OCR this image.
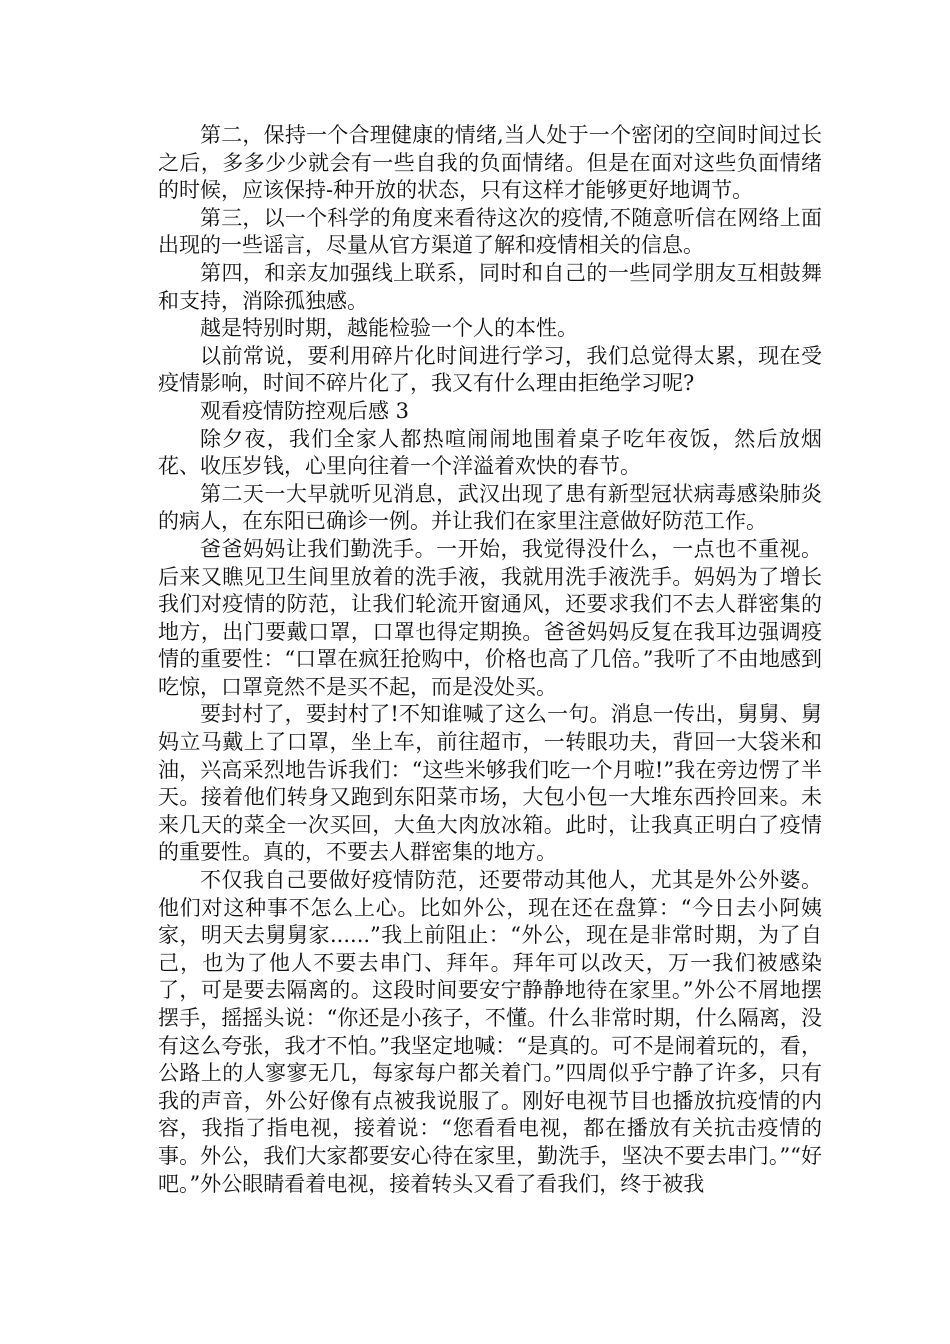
第二，保持一个合理健康的情绪,当人处于一个密闭的空间时间过长之后，多多少少就会有一些自我的负面情绪。但是在面对这些负面情绪的时候，应该保持-种开放的状态，只有这样才能够更好地调节。

第三，以一个科学的角度来看待这次的疫情,不随意听信在网络上面出现的一些谣言，尽量从官方渠道了解和疫情相关的信息。

第四，和亲友加强线上联系，同时和自己的一些同学朋友互相鼓舞和支持，消除孤独感。

越是特别时期，越能检验一个人的本性。

以前常说，要利用碎片化时间进行学习，我们总觉得太累，现在受疫情影响，时间不碎片化了，我又有什么理由拒绝学习呢?

观看疫情防控观后感 3

除夕夜，我们全家人都热喧闹闹地围着桌子吃年夜饭，然后放烟花、收压岁钱，心里向往着一个洋溢着欢快的春节。

第二天一大早就听见消息，武汉出现了患有新型冠状病毒感染肺炎的病人，在东阳已确诊一例。并让我们在家里注意做好防范工作。

爸爸妈妈让我们勤洗手。一开始，我觉得没什么，一点也不重视。后来又瞧见卫生间里放着的洗手液，我就用洗手液洗手。妈妈为了增长我们对疫情的防范，让我们轮流开窗通风，还要求我们不去人群密集的地方，出门要戴口罩，口罩也得定期换。爸爸妈妈反复在我耳边强调疫情的重要性：“口罩在疯狂抢购中，价格也高了几倍。”我听了不由地感到吃惊，口罩竟然不是买不起，而是没处买。

要封村了，要封村了!不知谁喊了这么一句。消息一传出，舅舅、舅妈立马戴上了口罩，坐上车，前往超市，一转眼功夫，背回一大袋米和油，兴高采烈地告诉我们：“这些米够我们吃一个月啦!”我在旁边愣了半天。接着他们转身又跑到东阳菜市场，大包小包一大堆东西拎回来。未来几天的菜全一次买回，大鱼大肉放冰箱。此时，让我真正明白了疫情的重要性。真的，不要去人群密集的地方。

不仅我自己要做好疫情防范，还要带动其他人，尤其是外公外婆。他们对这种事不怎么上心。比如外公，现在还在盘算：“今日去小阿姨家，明天去舅舅家......”我上前阻止：“外公，现在是非常时期，为了自己，也为了他人不要去串门、拜年。拜年可以改天，万一我们被感染了，可是要去隔离的。这段时间要安宁静静地待在家里。”外公不屑地摆摆手，摇摇头说：“你还是小孩子，不懂。什么非常时期，什么隔离，没有这么夸张，我才不怕。”我坚定地喊：“是真的。可不是闹着玩的，看，公路上的人寥寥无几，每家每户都关着门。”四周似乎宁静了许多，只有我的声音，外公好像有点被我说服了。刚好电视节目也播放抗疫情的内容，我指了指电视，接着说：“您看看电视，都在播放有关抗击疫情的事。外公，我们大家都要安心待在家里，勤洗手，坚决不要去串门。”“好吧。”外公眼睛看着电视，接着转头又看了看我们，终于被我
